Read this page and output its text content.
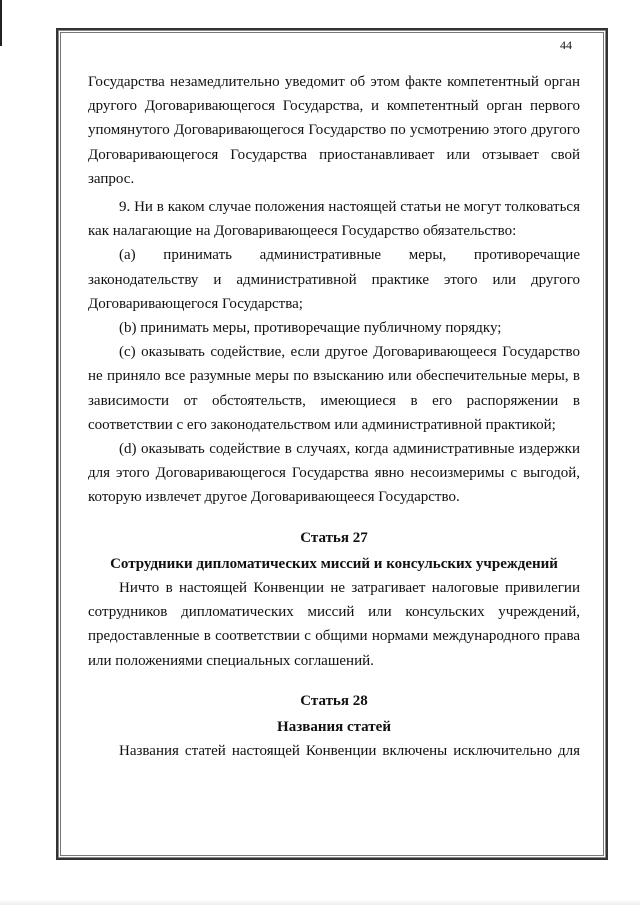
44

Государства незамедлительно уведомит об этом факте компетентный орган другого Договаривающегося Государства, и компетентный орган первого упомянутого Договаривающегося Государство по усмотрению этого другого Договаривающегося Государства приостанавливает или отзывает свой запрос.

9. Ни в каком случае положения настоящей статьи не могут толковаться как налагающие на Договаривающееся Государство обязательство:

(а) принимать административные меры, противоречащие законодательству и административной практике этого или другого Договаривающегося Государства;

(b) принимать меры, противоречащие публичному порядку;

(с) оказывать содействие, если другое Договаривающееся Государство не приняло все разумные меры по взысканию или обеспечительные меры, в зависимости от обстоятельств, имеющиеся в его распоряжении в соответствии с его законодательством или административной практикой;

(d) оказывать содействие в случаях, когда административные издержки для этого Договаривающегося Государства явно несоизмеримы с выгодой, которую извлечет другое Договаривающееся Государство.

Статья 27

Сотрудники дипломатических миссий и консульских учреждений

Ничто в настоящей Конвенции не затрагивает налоговые привилегии сотрудников дипломатических миссий или консульских учреждений, предоставленные в соответствии с общими нормами международного права или положениями специальных соглашений.

Статья 28

Названия статей

Названия статей настоящей Конвенции включены исключительно для
